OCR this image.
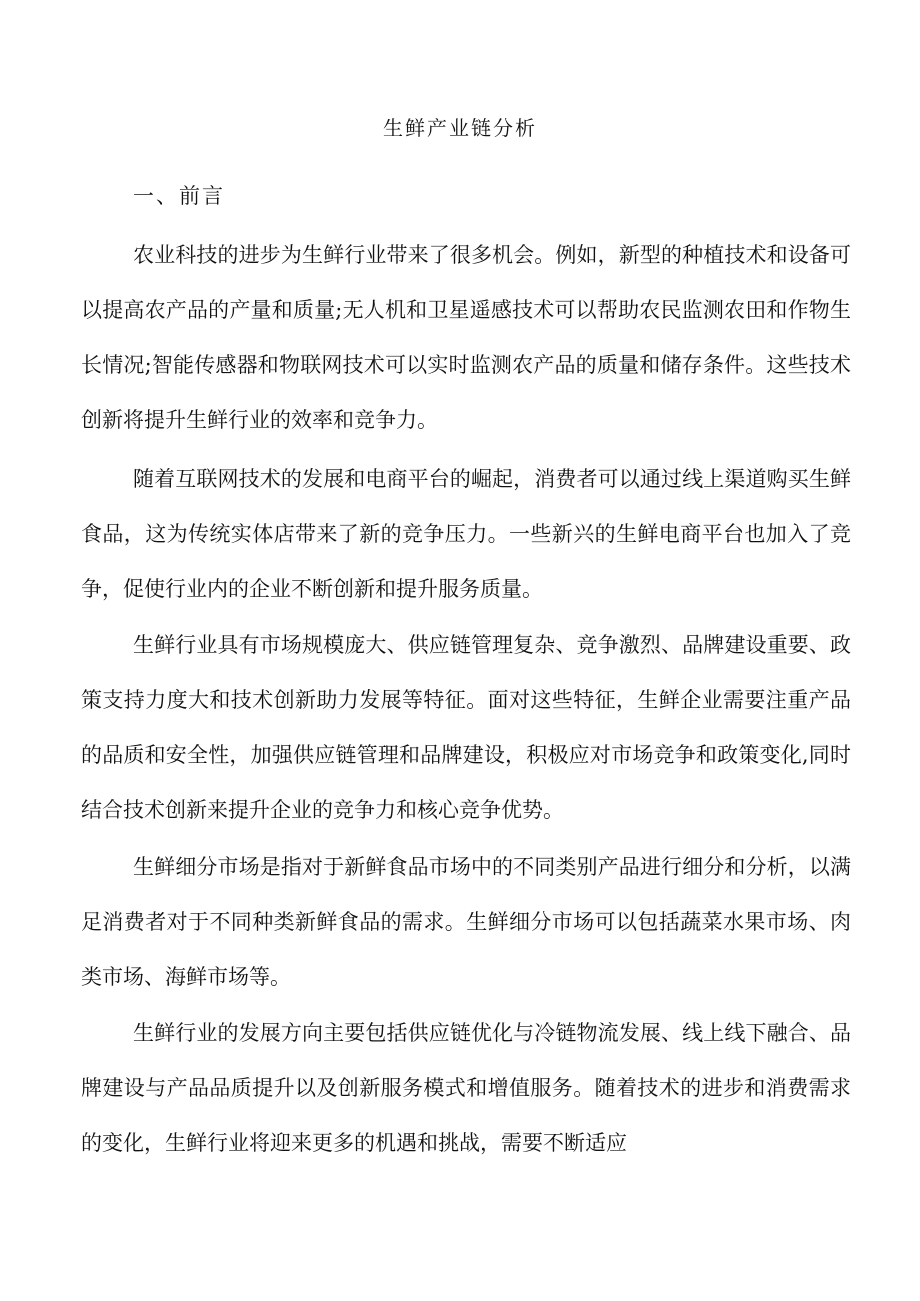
生鲜产业链分析
一、前言

农业科技的进步为生鲜行业带来了很多机会。例如，新型的种植技术和设备可以提高农产品的产量和质量;无人机和卫星遥感技术可以帮助农民监测农田和作物生长情况;智能传感器和物联网技术可以实时监测农产品的质量和储存条件。这些技术创新将提升生鲜行业的效率和竞争力。

随着互联网技术的发展和电商平台的崛起，消费者可以通过线上渠道购买生鲜食品，这为传统实体店带来了新的竞争压力。一些新兴的生鲜电商平台也加入了竞争，促使行业内的企业不断创新和提升服务质量。

生鲜行业具有市场规模庞大、供应链管理复杂、竞争激烈、品牌建设重要、政策支持力度大和技术创新助力发展等特征。面对这些特征，生鲜企业需要注重产品的品质和安全性，加强供应链管理和品牌建设，积极应对市场竞争和政策变化,同时结合技术创新来提升企业的竞争力和核心竞争优势。

生鲜细分市场是指对于新鲜食品市场中的不同类别产品进行细分和分析，以满足消费者对于不同种类新鲜食品的需求。生鲜细分市场可以包括蔬菜水果市场、肉类市场、海鲜市场等。

生鲜行业的发展方向主要包括供应链优化与冷链物流发展、线上线下融合、品牌建设与产品品质提升以及创新服务模式和增值服务。随着技术的进步和消费需求的变化，生鲜行业将迎来更多的机遇和挑战，需要不断适应
